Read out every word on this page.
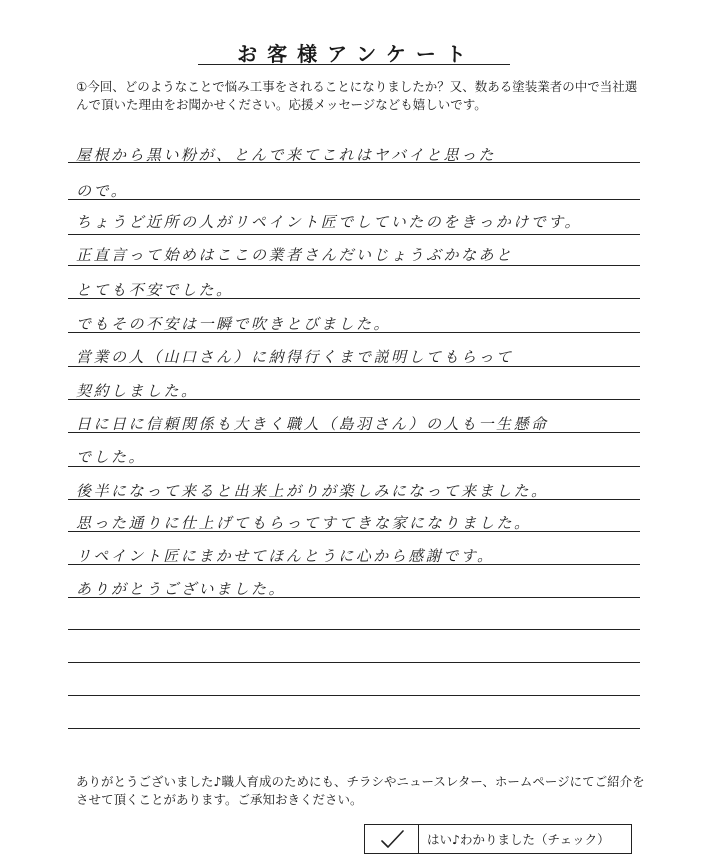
お客様アンケート
①今回、どのようなことで悩み工事をされることになりましたか？又、数ある塗装業者の中で当社選んで頂いた理由をお聞かせください。応援メッセージなども嬉しいです。
屋根から黒い粉が、とんで来てこれはヤバイと思った
ので。
ちょうど近所の人がリペイント匠でしていたのをきっかけです。
正直言って始めはここの業者さんだいじょうぶかなあと
とても不安でした。
でもその不安は一瞬で吹きとびました。
営業の人（山口さん）に納得行くまで説明してもらって
契約しました。
日に日に信頼関係も大きく職人（島羽さん）の人も一生懸命
でした。
後半になって来ると出来上がりが楽しみになって来ました。
思った通りに仕上げてもらってすてきな家になりました。
リペイント匠にまかせてほんとうに心から感謝です。
ありがとうございました。
ありがとうございました♪職人育成のためにも、チラシやニュースレター、ホームページにてご紹介をさせて頂くことがあります。ご承知おきください。
はい♪わかりました（チェック）
